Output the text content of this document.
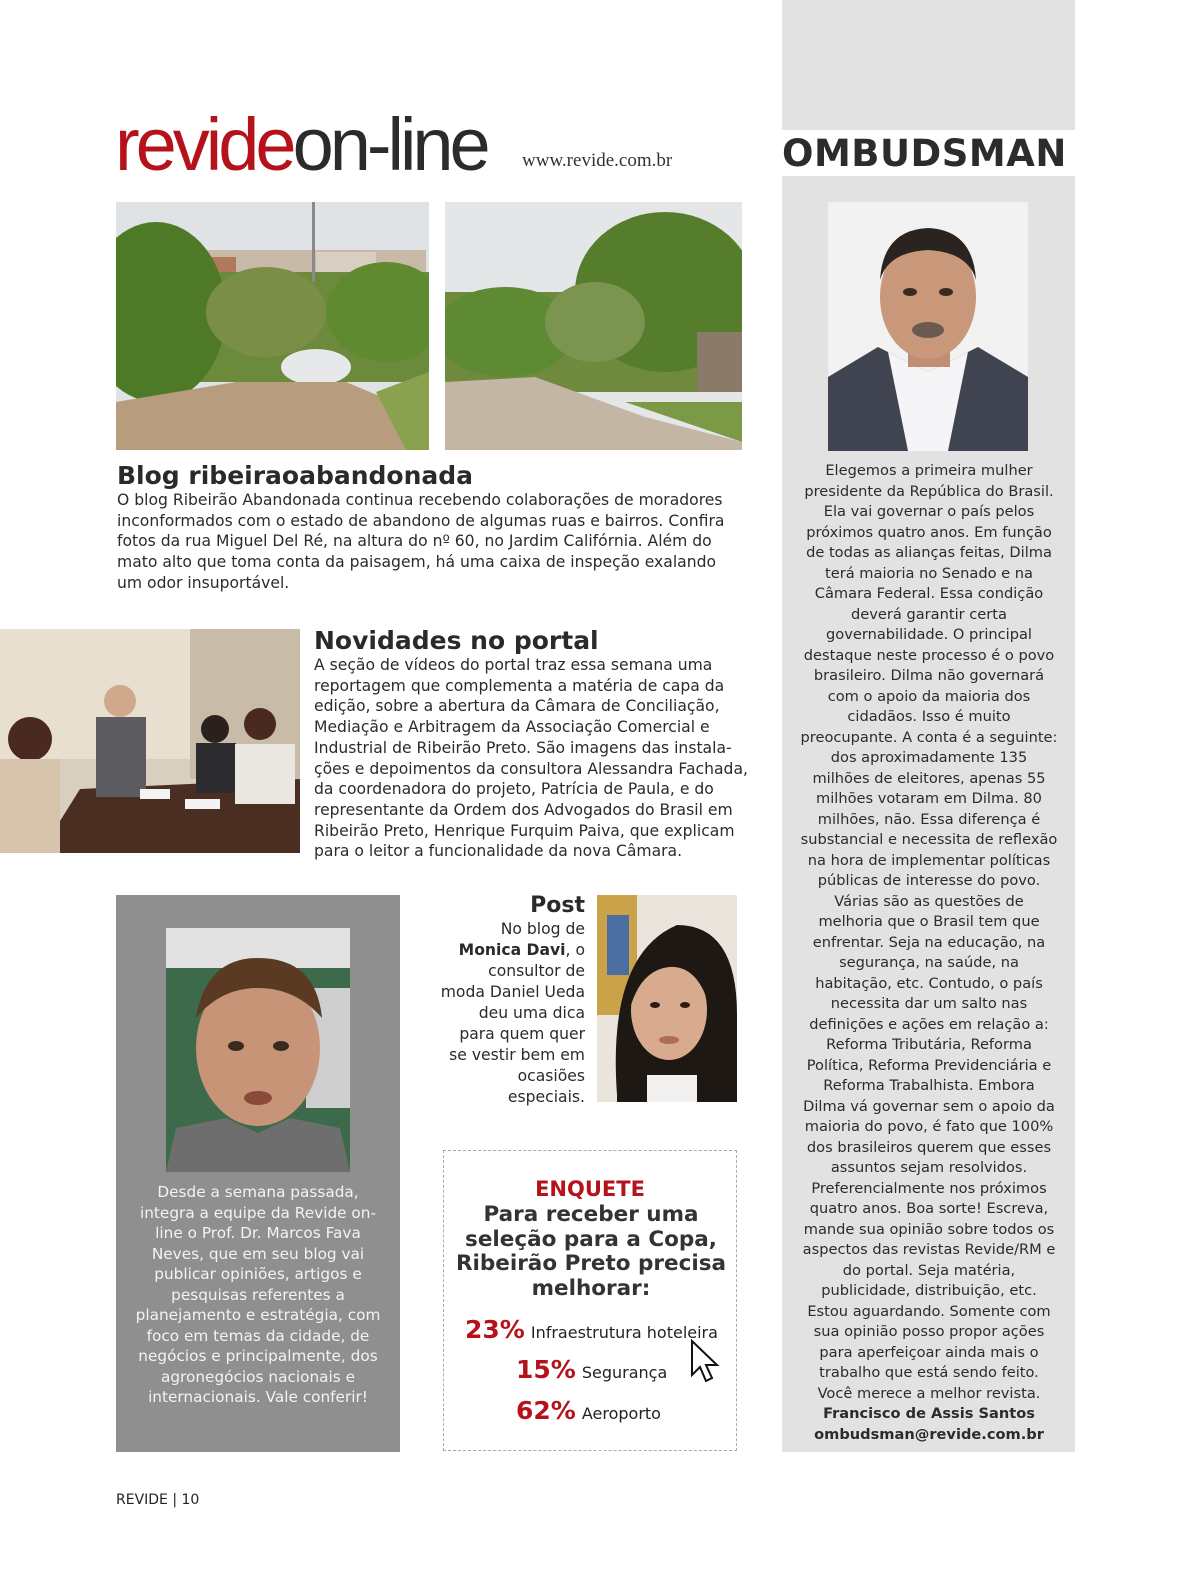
revideon-line www.revide.com.br
Blog ribeiraoabandonada
O blog Ribeirão Abandonada continua recebendo colaborações de moradores inconformados com o estado de abandono de algumas ruas e bairros. Confira fotos da rua Miguel Del Ré, na altura do nº 60, no Jardim Califórnia. Além do mato alto que toma conta da paisagem, há uma caixa de inspeção exalando um odor insuportável.
Novidades no portal
A seção de vídeos do portal traz essa semana uma reportagem que complementa a matéria de capa da edição, sobre a abertura da Câmara de Conciliação, Mediação e Arbitragem da Associação Comercial e Industrial de Ribeirão Preto. São imagens das instala-ções e depoimentos da consultora Alessandra Fachada, da coordenadora do projeto, Patrícia de Paula, e do representante da Ordem dos Advogados do Brasil em Ribeirão Preto, Henrique Furquim Paiva, que explicam para o leitor a funcionalidade da nova Câmara.
Desde a semana passada, integra a equipe da Revide on-line o Prof. Dr. Marcos Fava Neves, que em seu blog vai publicar opiniões, artigos e pesquisas referentes a planejamento e estratégia, com foco em temas da cidade, de negócios e principalmente, dos agronegócios nacionais e internacionais. Vale conferir!
Post
No blog de Monica Davi, o consultor de moda Daniel Ueda deu uma dica para quem quer se vestir bem em ocasiões especiais.
ENQUETE
Para receber uma seleção para a Copa, Ribeirão Preto precisa melhorar:
23% Infraestrutura hoteleira
15% Segurança
62% Aeroporto
OMBUDSMAN
Elegemos a primeira mulher presidente da República do Brasil. Ela vai governar o país pelos próximos quatro anos. Em função de todas as alianças feitas, Dilma terá maioria no Senado e na Câmara Federal. Essa condição deverá garantir certa governabilidade. O principal destaque neste processo é o povo brasileiro. Dilma não governará com o apoio da maioria dos cidadãos. Isso é muito preocupante. A conta é a seguinte: dos aproximadamente 135 milhões de eleitores, apenas 55 milhões votaram em Dilma. 80 milhões, não. Essa diferença é substancial e necessita de reflexão na hora de implementar políticas públicas de interesse do povo. Várias são as questões de melhoria que o Brasil tem que enfrentar. Seja na educação, na segurança, na saúde, na habitação, etc. Contudo, o país necessita dar um salto nas definições e ações em relação a: Reforma Tributária, Reforma Política, Reforma Previdenciária e Reforma Trabalhista. Embora Dilma vá governar sem o apoio da maioria do povo, é fato que 100% dos brasileiros querem que esses assuntos sejam resolvidos. Preferencialmente nos próximos quatro anos. Boa sorte! Escreva, mande sua opinião sobre todos os aspectos das revistas Revide/RM e do portal. Seja matéria, publicidade, distribuição, etc. Estou aguardando. Somente com sua opinião posso propor ações para aperfeiçoar ainda mais o trabalho que está sendo feito. Você merece a melhor revista.
Francisco de Assis Santos
ombudsman@revide.com.br
REVIDE | 10
